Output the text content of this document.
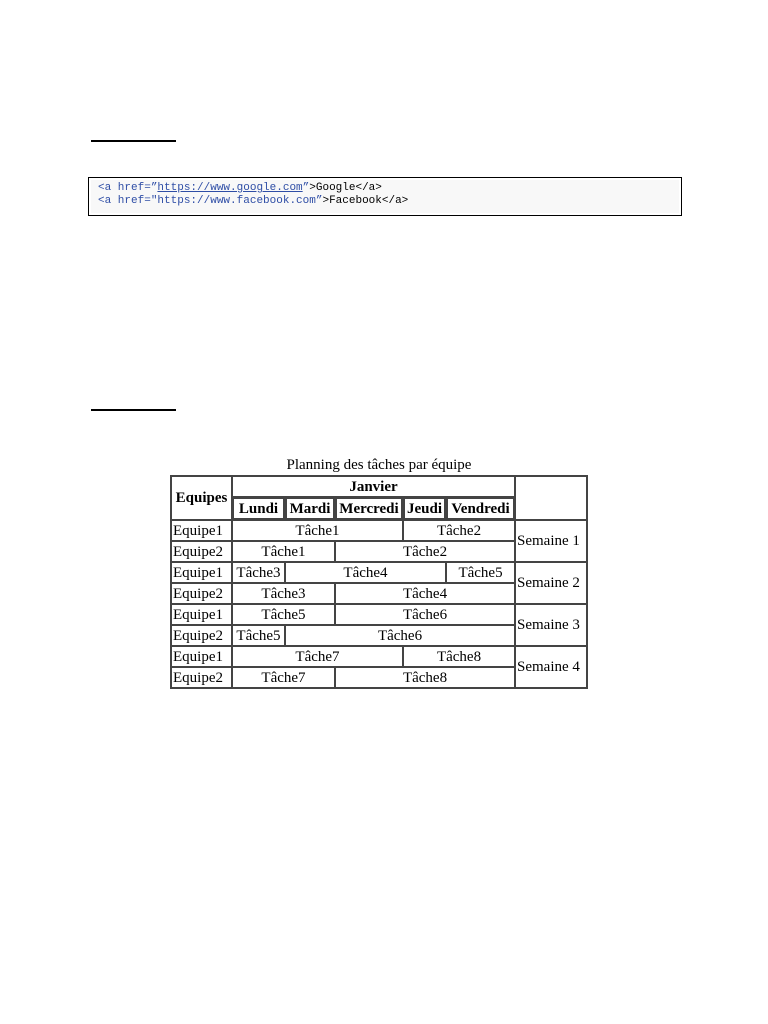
<a href=”https://www.google.com”>Google</a>

<a href="https://www.facebook.com”>Facebook</a>

Planning des tâches par équipe
Equipes	Janvier					
	Lundi	Mardi	Mercredi	Jeudi	Vendredi	
Equipe1	Tâche1			Tâche2		Semaine 1
Equipe2	Tâche1		Tâche2			
Equipe1	Tâche3	Tâche4			Tâche5	Semaine 2
Equipe2	Tâche3		Tâche4			
Equipe1	Tâche5		Tâche6			Semaine 3
Equipe2	Tâche5	Tâche6				
Equipe1	Tâche7			Tâche8		Semaine 4
Equipe2	Tâche7		Tâche8			
